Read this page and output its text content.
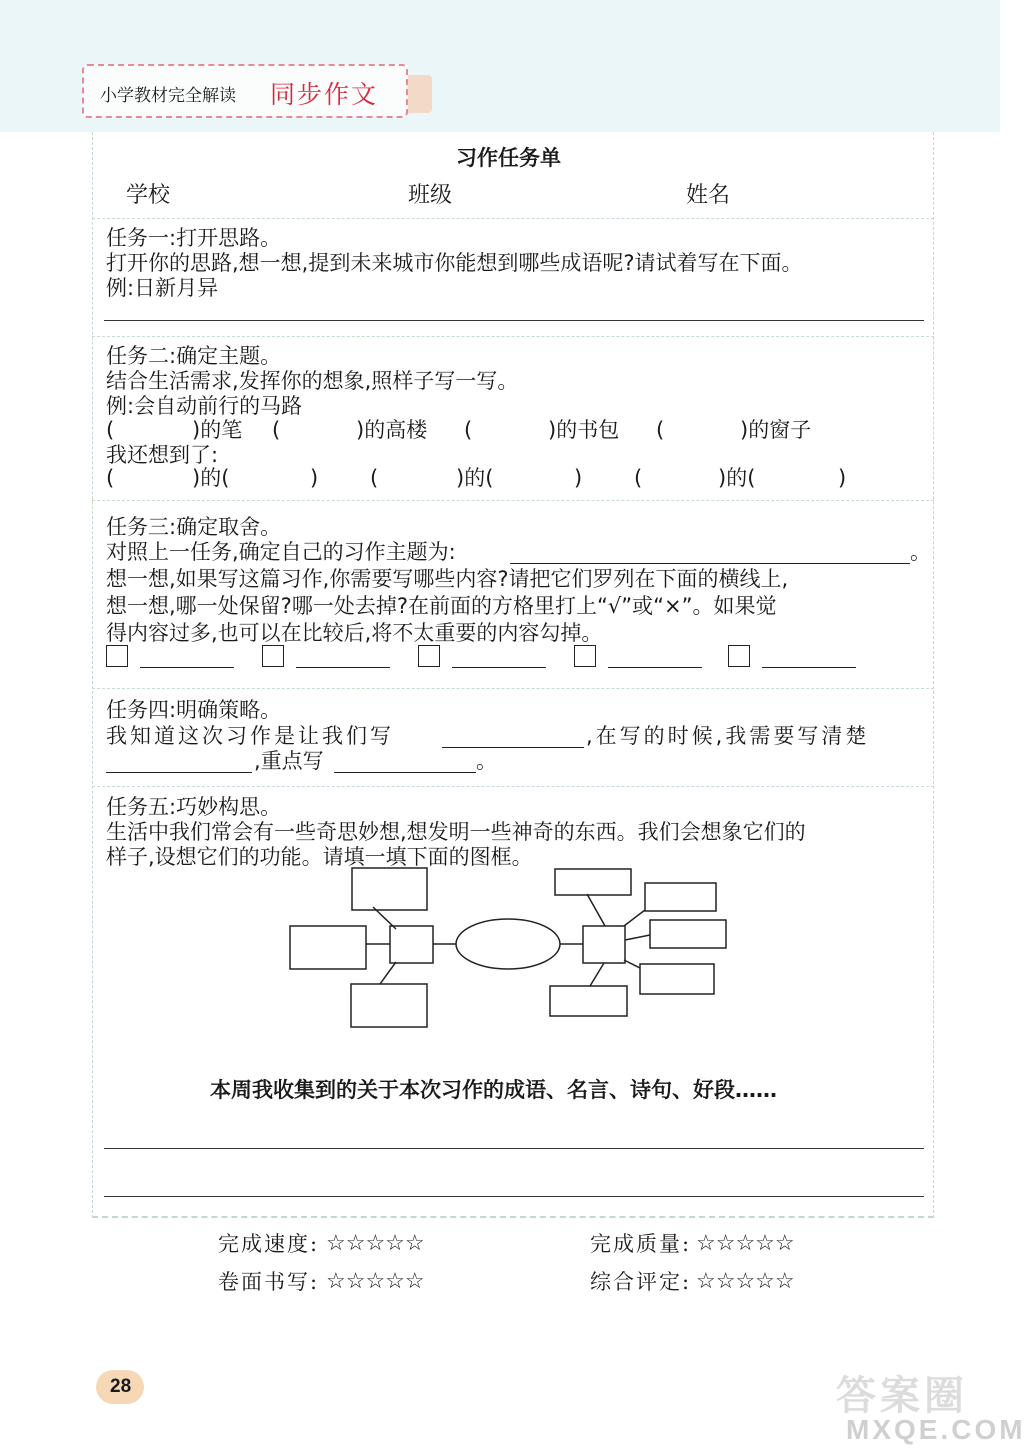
小学教材完全解读 同步作文
习作任务单
学校	班级	姓名
任务一:打开思路。
打开你的思路,想一想,提到未来城市你能想到哪些成语呢?请试着写在下面。
例:日新月异
任务二:确定主题。
结合生活需求,发挥你的想象,照样子写一写。
例:会自动前行的马路
(	)的笔 (	)的高楼 (	)的书包 (	)的窗子
我还想到了:
(	)的(	) (	)的(	) (	)的(	)
任务三:确定取舍。
对照上一任务,确定自己的习作主题为:	。
想一想,如果写这篇习作,你需要写哪些内容?请把它们罗列在下面的横线上,
想一想,哪一处保留?哪一处去掉?在前面的方格里打上“√”或“×”。如果觉
得内容过多,也可以在比较后,将不太重要的内容勾掉。
任务四:明确策略。
我知道这次习作是让我们写	,在写的时候,我需要写清楚
,重点写	。
任务五:巧妙构思。
生活中我们常会有一些奇思妙想,想发明一些神奇的东西。我们会想象它们的
样子,设想它们的功能。请填一填下面的图框。
本周我收集到的关于本次习作的成语、名言、诗句、好段……
完成速度: ☆☆☆☆☆	完成质量: ☆☆☆☆☆
卷面书写: ☆☆☆☆☆	综合评定: ☆☆☆☆☆
28	答案圈
MXQE.COM
